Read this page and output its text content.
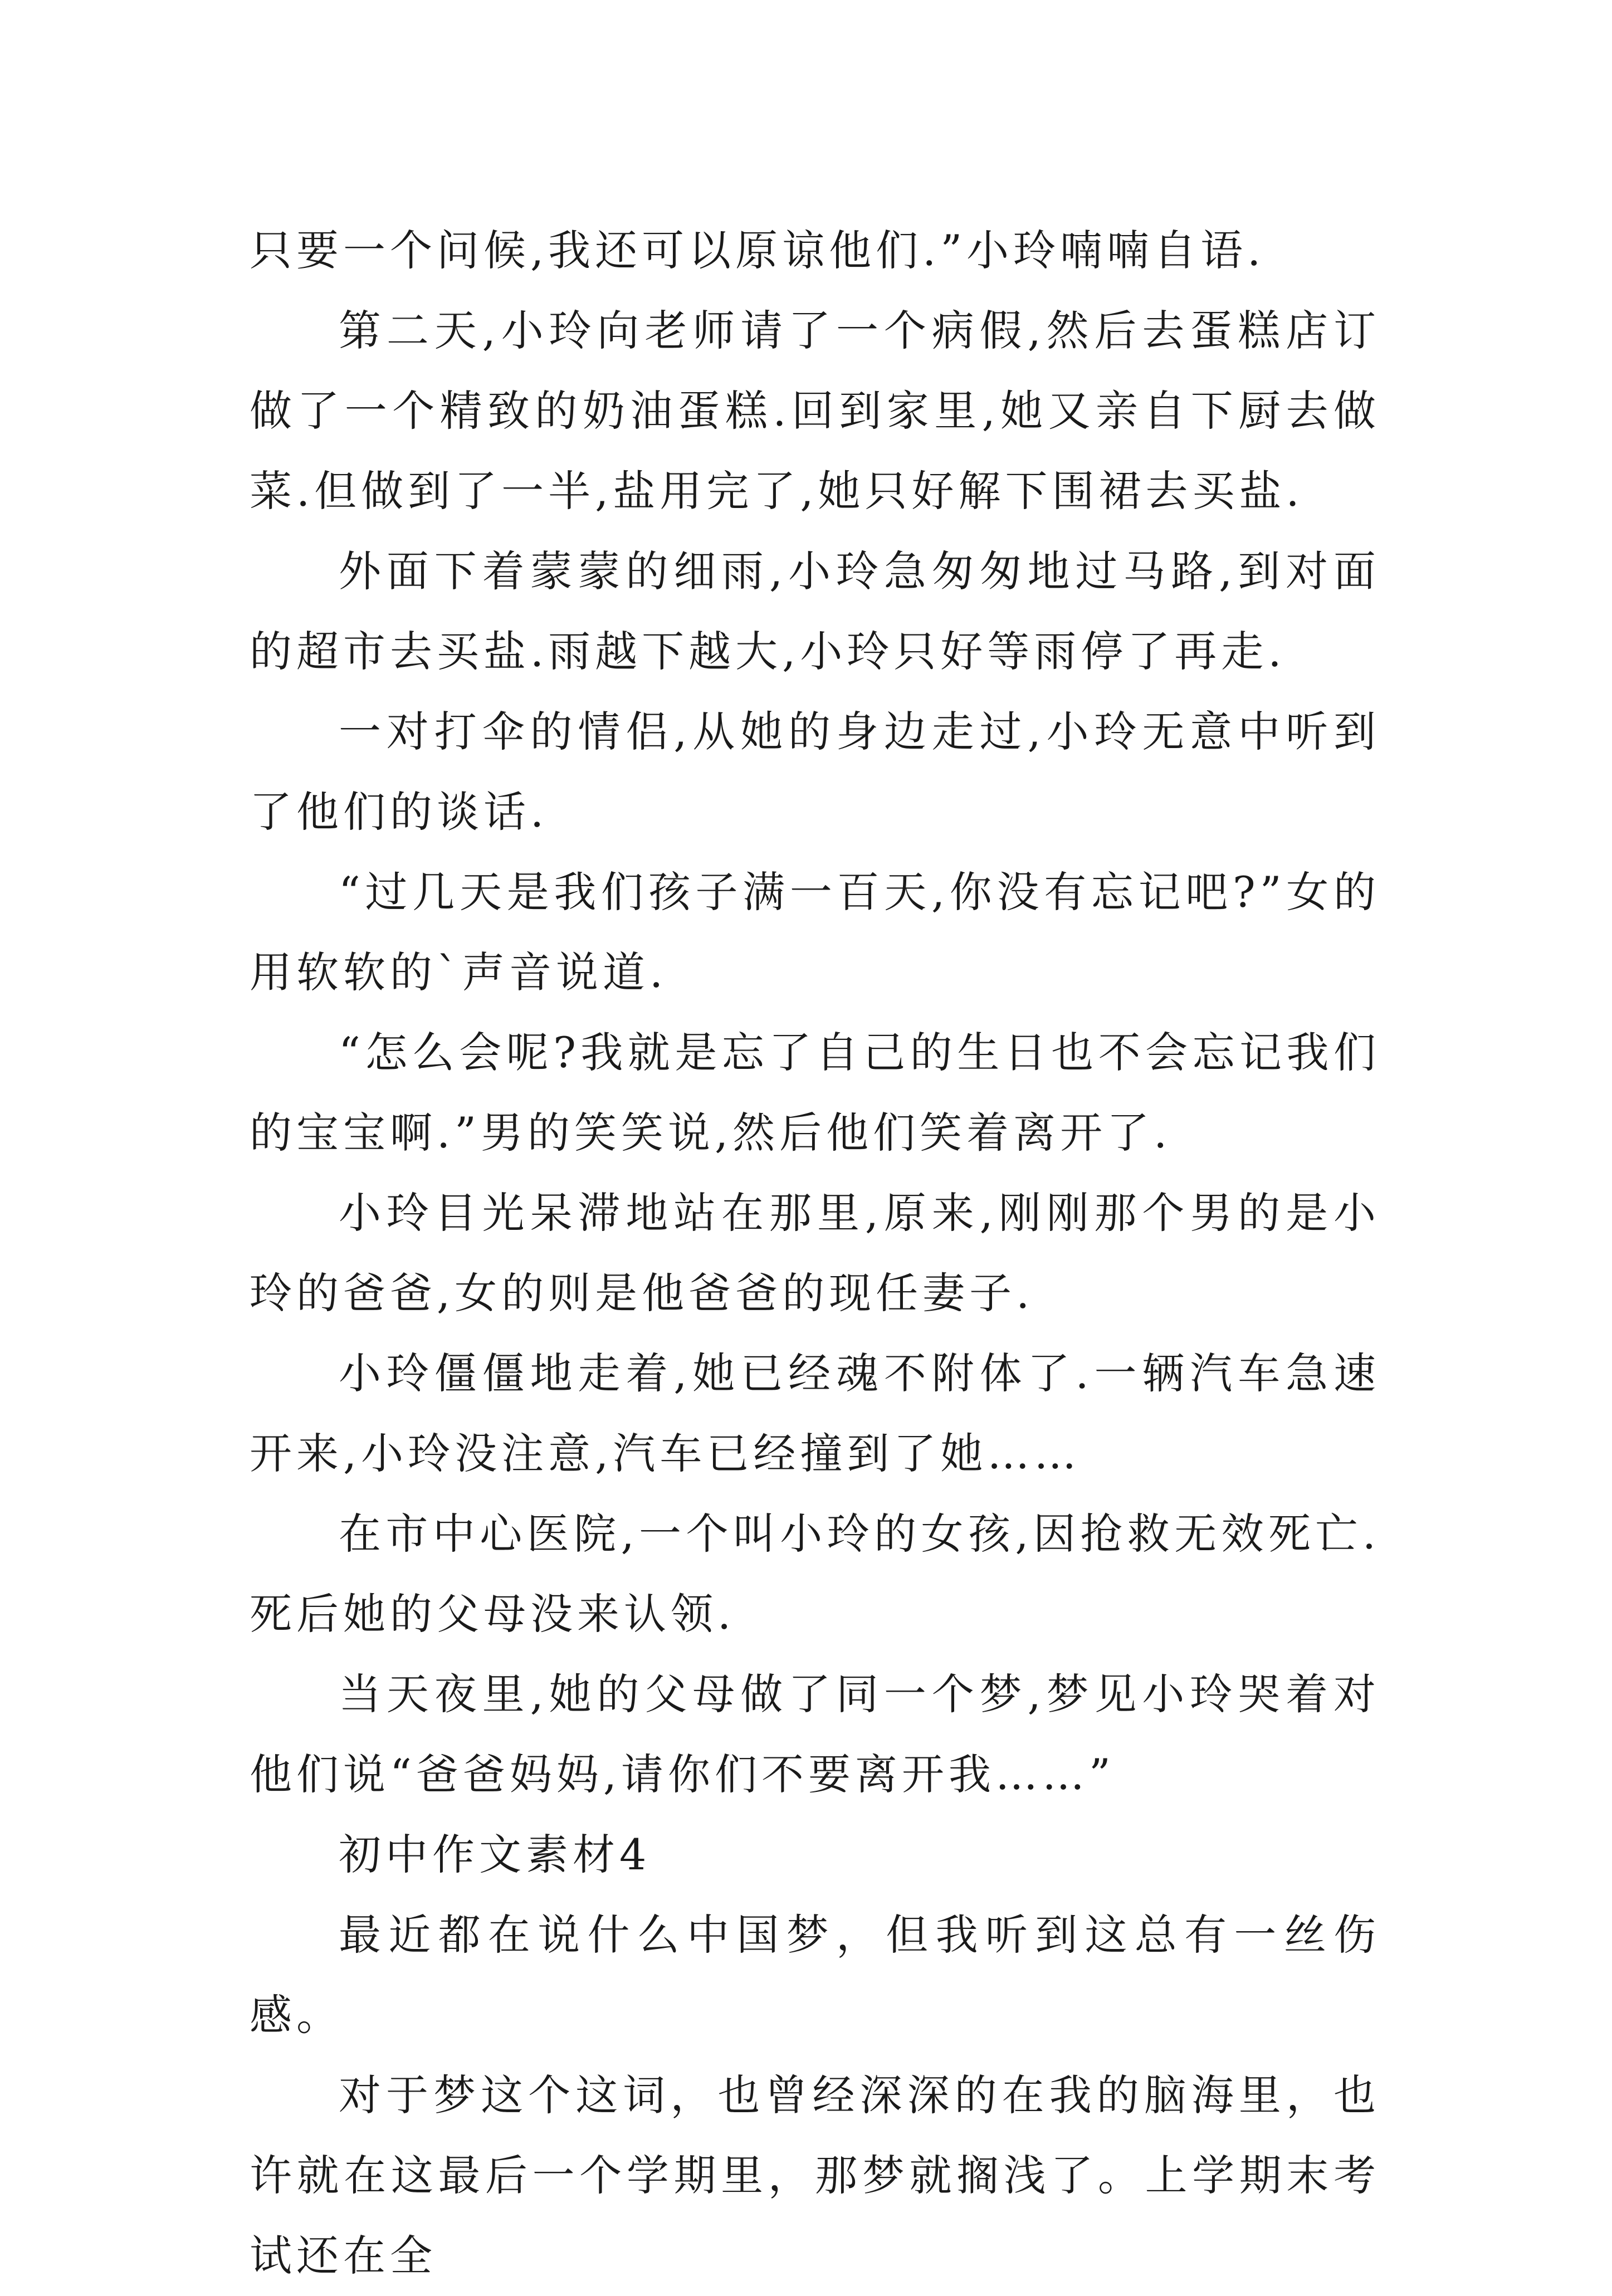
只要一个问候,我还可以原谅他们.”小玲喃喃自语.

第二天,小玲向老师请了一个病假,然后去蛋糕店订做了一个精致的奶油蛋糕.回到家里,她又亲自下厨去做菜.但做到了一半,盐用完了,她只好解下围裙去买盐.

外面下着蒙蒙的细雨,小玲急匆匆地过马路,到对面的超市去买盐.雨越下越大,小玲只好等雨停了再走.

一对打伞的情侣,从她的身边走过,小玲无意中听到了他们的谈话.

“过几天是我们孩子满一百天,你没有忘记吧?”女的用软软的`声音说道.

“怎么会呢?我就是忘了自己的生日也不会忘记我们的宝宝啊.”男的笑笑说,然后他们笑着离开了.

小玲目光呆滞地站在那里,原来,刚刚那个男的是小玲的爸爸,女的则是他爸爸的现任妻子.

小玲僵僵地走着,她已经魂不附体了.一辆汽车急速开来,小玲没注意,汽车已经撞到了她……

在市中心医院,一个叫小玲的女孩,因抢救无效死亡.死后她的父母没来认领.

当天夜里,她的父母做了同一个梦,梦见小玲哭着对他们说“爸爸妈妈,请你们不要离开我……”

初中作文素材4

最近都在说什么中国梦，但我听到这总有一丝伤感。

对于梦这个这词，也曾经深深的在我的脑海里，也许就在这最后一个学期里，那梦就搁浅了。上学期末考试还在全
